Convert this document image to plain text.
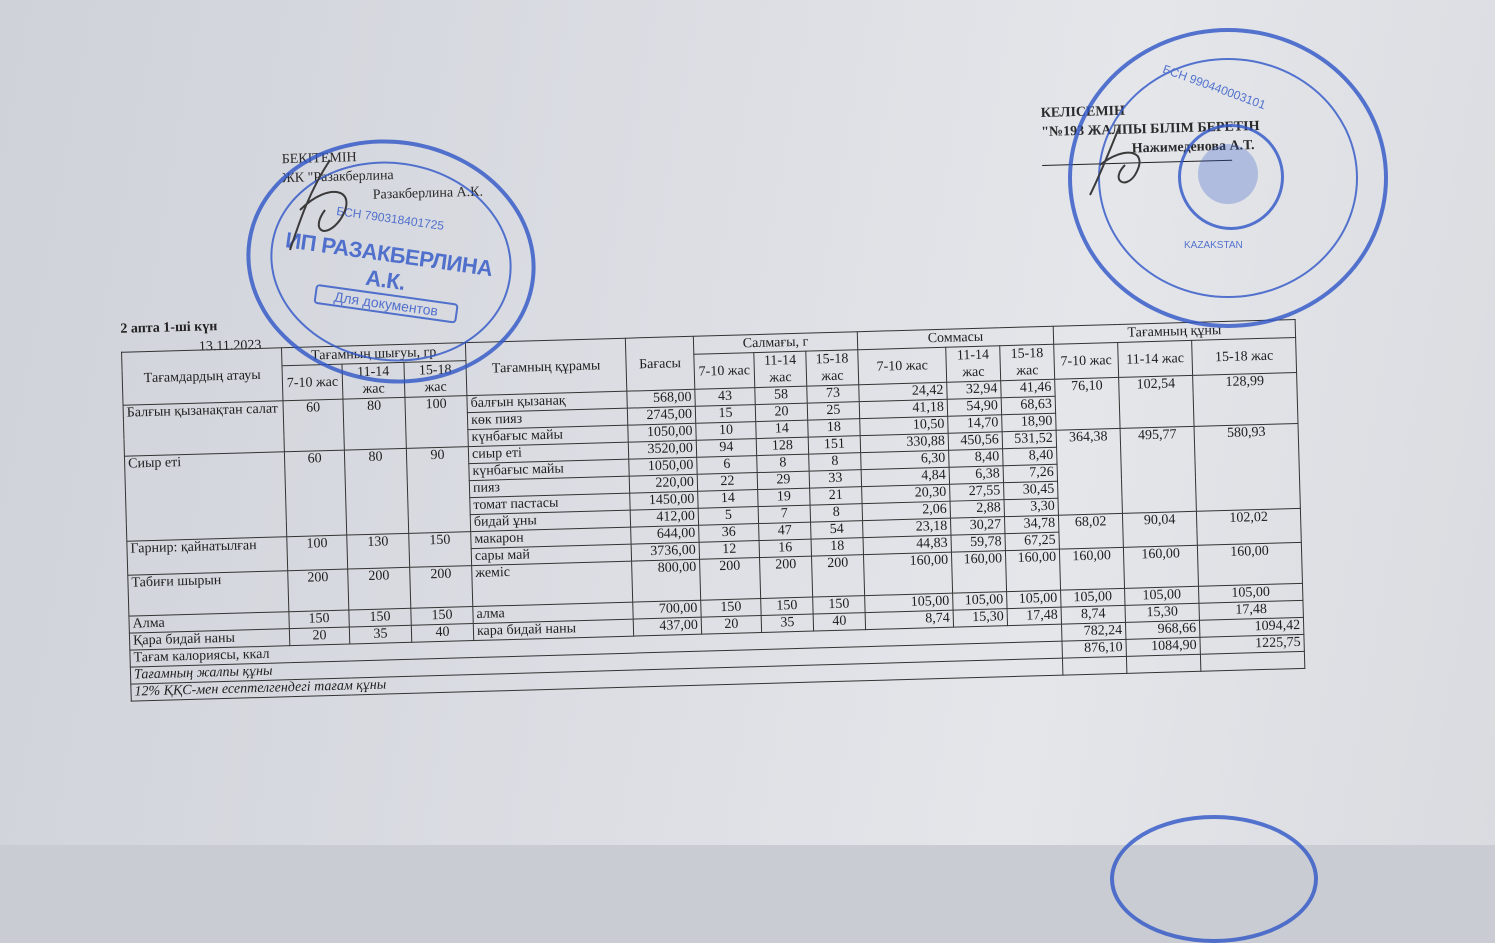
БЕКІТЕМІН
ЖК "Разакберлина
Разакберлина А.К.
КЕЛІСЕМІН
"№193 ЖАЛПЫ БІЛІМ БЕРЕТІН
Нажимеденова А.Т.
2 апта 1-ші күн
13.11.2023
Тағамдардың атауы	Тағамның шығуы, гр			Тағамның құрамы	Бағасы	Салмағы, г			Соммасы			Тағамның құны		
	7-10 жас	11-14 жас	15-18 жас			7-10 жас	11-14 жас	15-18 жас	7-10 жас	11-14 жас	15-18 жас	7-10 жас	11-14 жас	15-18 жас
Балғын қызанақтан салат	60	80	100	балғын қызанақ	568,00	43	58	73	24,42	32,94	41,46	76,10	102,54	128,99
				көк пияз	2745,00	15	20	25	41,18	54,90	68,63			
				күнбағыс майы	1050,00	10	14	18	10,50	14,70	18,90			
Сиыр еті	60	80	90	сиыр еті	3520,00	94	128	151	330,88	450,56	531,52	364,38	495,77	580,93
				күнбағыс майы	1050,00	6	8	8	6,30	8,40	8,40			
				пияз	220,00	22	29	33	4,84	6,38	7,26			
				томат пастасы	1450,00	14	19	21	20,30	27,55	30,45			
				бидай ұны	412,00	5	7	8	2,06	2,88	3,30			
Гарнир: қайнатылған	100	130	150	макарон	644,00	36	47	54	23,18	30,27	34,78	68,02	90,04	102,02
				сары май	3736,00	12	16	18	44,83	59,78	67,25			
Табиғи шырын	200	200	200	жеміс	800,00	200	200	200	160,00	160,00	160,00	160,00	160,00	160,00
Алма	150	150	150	алма	700,00	150	150	150	105,00	105,00	105,00	105,00	105,00	105,00
Қара бидай наны	20	35	40	кара бидай наны	437,00	20	35	40	8,74	15,30	17,48	8,74	15,30	17,48
Тағам калориясы, ккал												782,24	968,66	1094,42
Тағамның жалпы құны												876,10	1084,90	1225,75
12% ҚҚС-мен есептелгендегі тағам құны														
БСН 790318401725
ИП РАЗАКБЕРЛИНА А.К.
Для документов
БСН 990440003101
KAZAKSTAN
